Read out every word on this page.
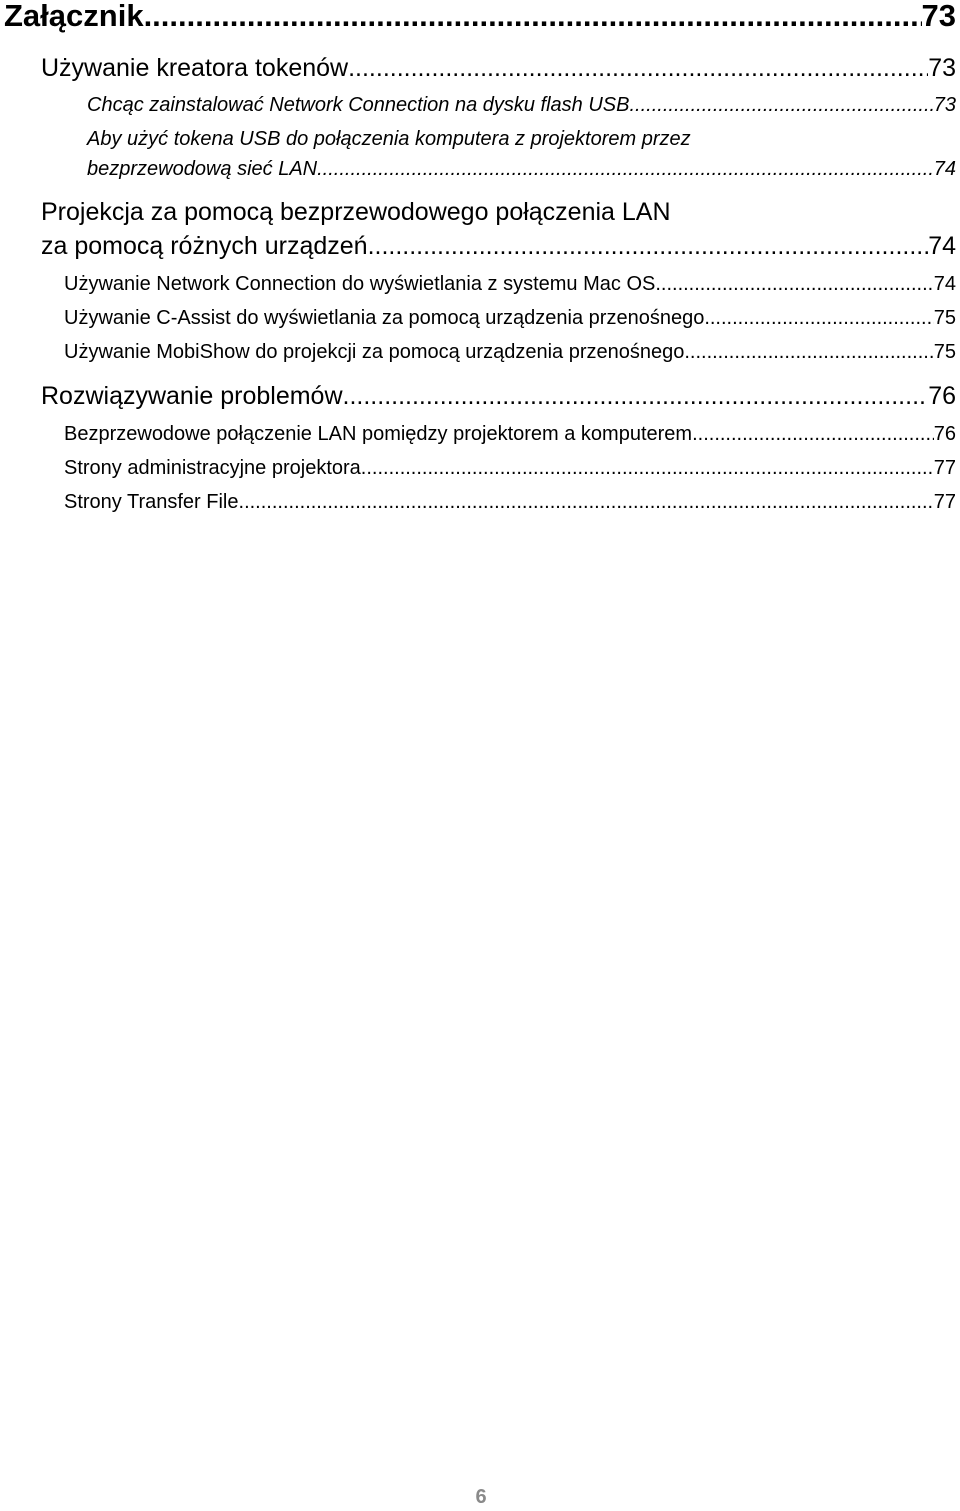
Załącznik .....	73
Używanie kreatora tokenów .....	73
Chcąc zainstalować Network Connection na dysku flash USB .....	73
Aby użyć tokena USB do połączenia komputera z projektorem przez
bezprzewodową sieć LAN .....	74
Projekcja za pomocą bezprzewodowego połączenia LAN
za pomocą różnych urządzeń .....	74
Używanie Network Connection do wyświetlania z systemu Mac OS .....	74
Używanie C-Assist do wyświetlania za pomocą urządzenia przenośnego .....	75
Używanie MobiShow do projekcji za pomocą urządzenia przenośnego .....	75
Rozwiązywanie problemów .....	76
Bezprzewodowe połączenie LAN pomiędzy projektorem a komputerem .....	76
Strony administracyjne projektora .....	77
Strony Transfer File .....	77
6
